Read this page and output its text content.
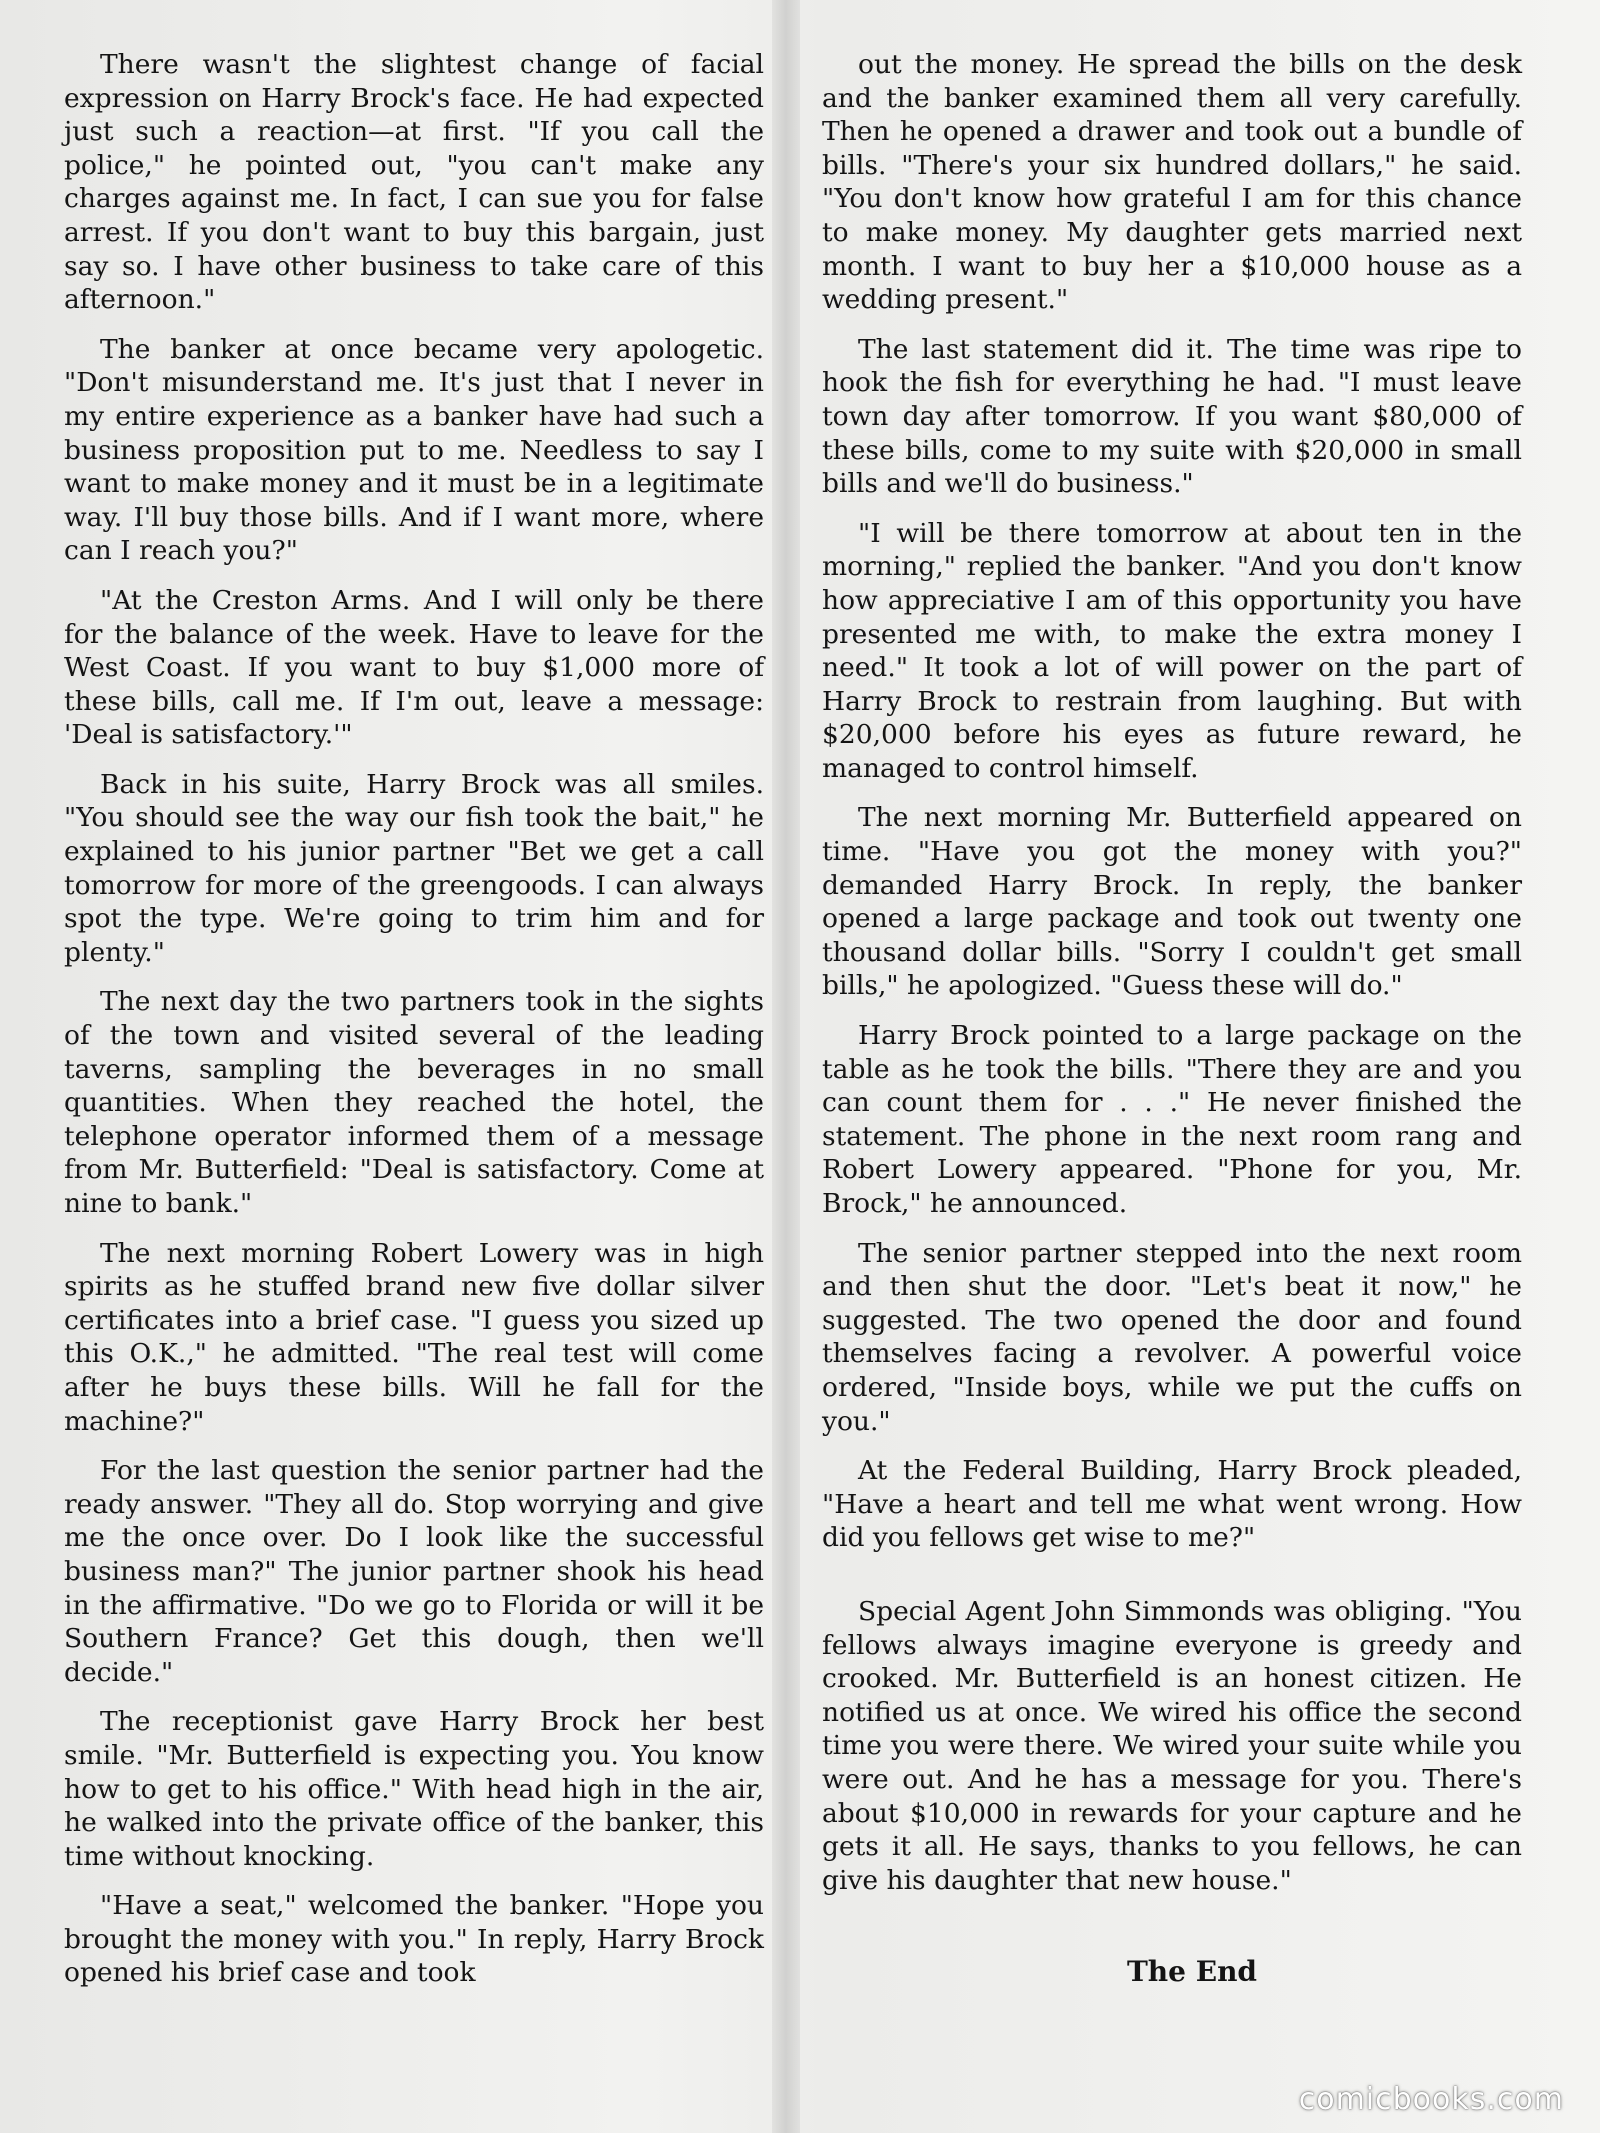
There wasn't the slightest change of facial expression on Harry Brock's face. He had expected just such a reaction—at first. "If you call the police," he pointed out, "you can't make any charges against me. In fact, I can sue you for false arrest. If you don't want to buy this bargain, just say so. I have other business to take care of this afternoon."

The banker at once became very apologetic. "Don't misunderstand me. It's just that I never in my entire experience as a banker have had such a business proposition put to me. Needless to say I want to make money and it must be in a legitimate way. I'll buy those bills. And if I want more, where can I reach you?"

"At the Creston Arms. And I will only be there for the balance of the week. Have to leave for the West Coast. If you want to buy $1,000 more of these bills, call me. If I'm out, leave a message: 'Deal is satisfactory.'"

Back in his suite, Harry Brock was all smiles. "You should see the way our fish took the bait," he explained to his junior partner "Bet we get a call tomorrow for more of the greengoods. I can always spot the type. We're going to trim him and for plenty."

The next day the two partners took in the sights of the town and visited several of the leading taverns, sampling the beverages in no small quantities. When they reached the hotel, the telephone operator informed them of a message from Mr. Butterfield: "Deal is satisfactory. Come at nine to bank."

The next morning Robert Lowery was in high spirits as he stuffed brand new five dollar silver certificates into a brief case. "I guess you sized up this O.K.," he admitted. "The real test will come after he buys these bills. Will he fall for the machine?"

For the last question the senior partner had the ready answer. "They all do. Stop worrying and give me the once over. Do I look like the successful business man?" The junior partner shook his head in the affirmative. "Do we go to Florida or will it be Southern France? Get this dough, then we'll decide."

The receptionist gave Harry Brock her best smile. "Mr. Butterfield is expecting you. You know how to get to his office." With head high in the air, he walked into the private office of the banker, this time without knocking.

"Have a seat," welcomed the banker. "Hope you brought the money with you." In reply, Harry Brock opened his brief case and took

out the money. He spread the bills on the desk and the banker examined them all very carefully. Then he opened a drawer and took out a bundle of bills. "There's your six hundred dollars," he said. "You don't know how grateful I am for this chance to make money. My daughter gets married next month. I want to buy her a $10,000 house as a wedding present."

The last statement did it. The time was ripe to hook the fish for everything he had. "I must leave town day after tomorrow. If you want $80,000 of these bills, come to my suite with $20,000 in small bills and we'll do business."

"I will be there tomorrow at about ten in the morning," replied the banker. "And you don't know how appreciative I am of this opportunity you have presented me with, to make the extra money I need." It took a lot of will power on the part of Harry Brock to restrain from laughing. But with $20,000 before his eyes as future reward, he managed to control himself.

The next morning Mr. Butterfield appeared on time. "Have you got the money with you?" demanded Harry Brock. In reply, the banker opened a large package and took out twenty one thousand dollar bills. "Sorry I couldn't get small bills," he apologized. "Guess these will do."

Harry Brock pointed to a large package on the table as he took the bills. "There they are and you can count them for . . ." He never finished the statement. The phone in the next room rang and Robert Lowery appeared. "Phone for you, Mr. Brock," he announced.

The senior partner stepped into the next room and then shut the door. "Let's beat it now," he suggested. The two opened the door and found themselves facing a revolver. A powerful voice ordered, "Inside boys, while we put the cuffs on you."

At the Federal Building, Harry Brock pleaded, "Have a heart and tell me what went wrong. How did you fellows get wise to me?"

Special Agent John Simmonds was obliging. "You fellows always imagine everyone is greedy and crooked. Mr. Butterfield is an honest citizen. He notified us at once. We wired his office the second time you were there. We wired your suite while you were out. And he has a message for you. There's about $10,000 in rewards for your capture and he gets it all. He says, thanks to you fellows, he can give his daughter that new house."

The End

comicbooks.com
